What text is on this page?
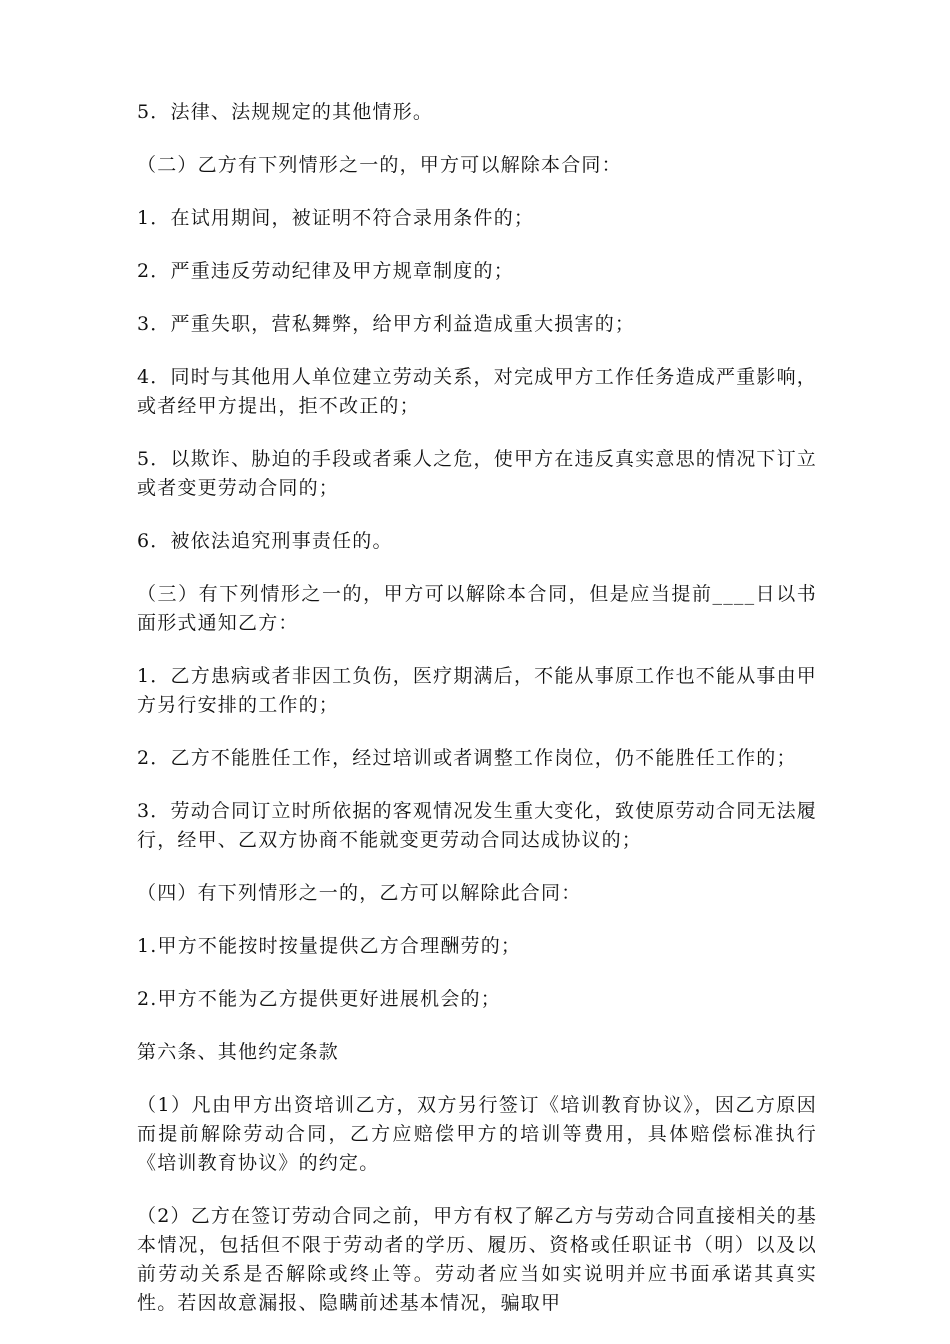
5．法律、法规规定的其他情形。

（二）乙方有下列情形之一的，甲方可以解除本合同：

1．在试用期间，被证明不符合录用条件的；

2．严重违反劳动纪律及甲方规章制度的；

3．严重失职，营私舞弊，给甲方利益造成重大损害的；

4．同时与其他用人单位建立劳动关系，对完成甲方工作任务造成严重影响，或者经甲方提出，拒不改正的；

5．以欺诈、胁迫的手段或者乘人之危，使甲方在违反真实意思的情况下订立或者变更劳动合同的；

6．被依法追究刑事责任的。

（三）有下列情形之一的，甲方可以解除本合同，但是应当提前____日以书面形式通知乙方：

1．乙方患病或者非因工负伤，医疗期满后，不能从事原工作也不能从事由甲方另行安排的工作的；

2．乙方不能胜任工作，经过培训或者调整工作岗位，仍不能胜任工作的；

3．劳动合同订立时所依据的客观情况发生重大变化，致使原劳动合同无法履行，经甲、乙双方协商不能就变更劳动合同达成协议的；

（四）有下列情形之一的，乙方可以解除此合同：

1.甲方不能按时按量提供乙方合理酬劳的；

2.甲方不能为乙方提供更好进展机会的；

第六条、其他约定条款

（1）凡由甲方出资培训乙方，双方另行签订《培训教育协议》，因乙方原因而提前解除劳动合同，乙方应赔偿甲方的培训等费用，具体赔偿标准执行《培训教育协议》的约定。

（2）乙方在签订劳动合同之前，甲方有权了解乙方与劳动合同直接相关的基本情况，包括但不限于劳动者的学历、履历、资格或任职证书（明）以及以前劳动关系是否解除或终止等。劳动者应当如实说明并应书面承诺其真实性。若因故意漏报、隐瞒前述基本情况，骗取甲
